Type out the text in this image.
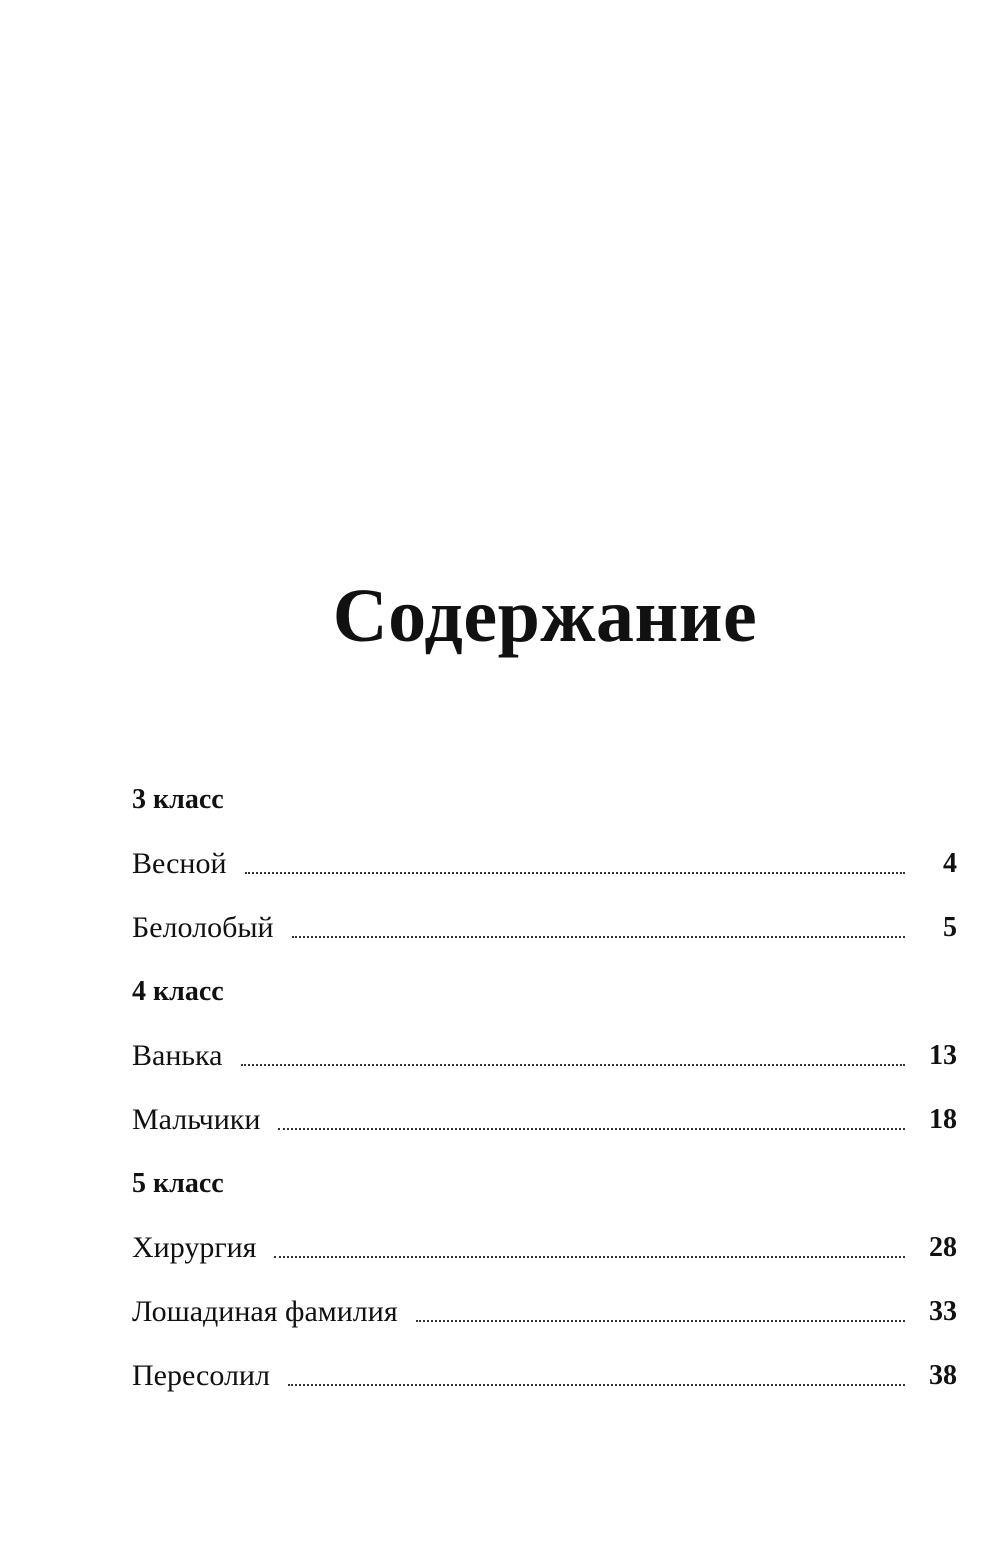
Содержание
3 класс
Весной	4
Белолобый	5
4 класс
Ванька	13
Мальчики	18
5 класс
Хирургия	28
Лошадиная фамилия	33
Пересолил	38
